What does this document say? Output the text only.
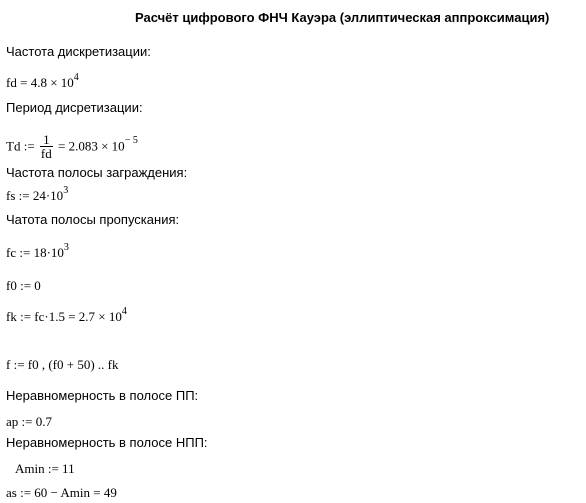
Расчёт цифрового ФНЧ Кауэра (эллиптическая аппроксимация)
Частота дискретизации:
fd = $4.8 \times 10^4$
Период дисретизации:
Td := $\frac{1}{fd} = 2.083 \times 10^{- 5}$
Частота полосы заграждения:
fs := $24\cdot 10^3$
Чатота полосы пропускания:
fc := $18\cdot 10^3$
f0 := 0
fk := $fc\cdot 1.5 = 2.7 \times 10^4$
f := f0 , (f0 + 50) .. fk
Неравномерность в полосе ПП:
ap := 0.7
Неравномерность в полосе НПП:
Amin := 11
as := 60 − Amin = 49
